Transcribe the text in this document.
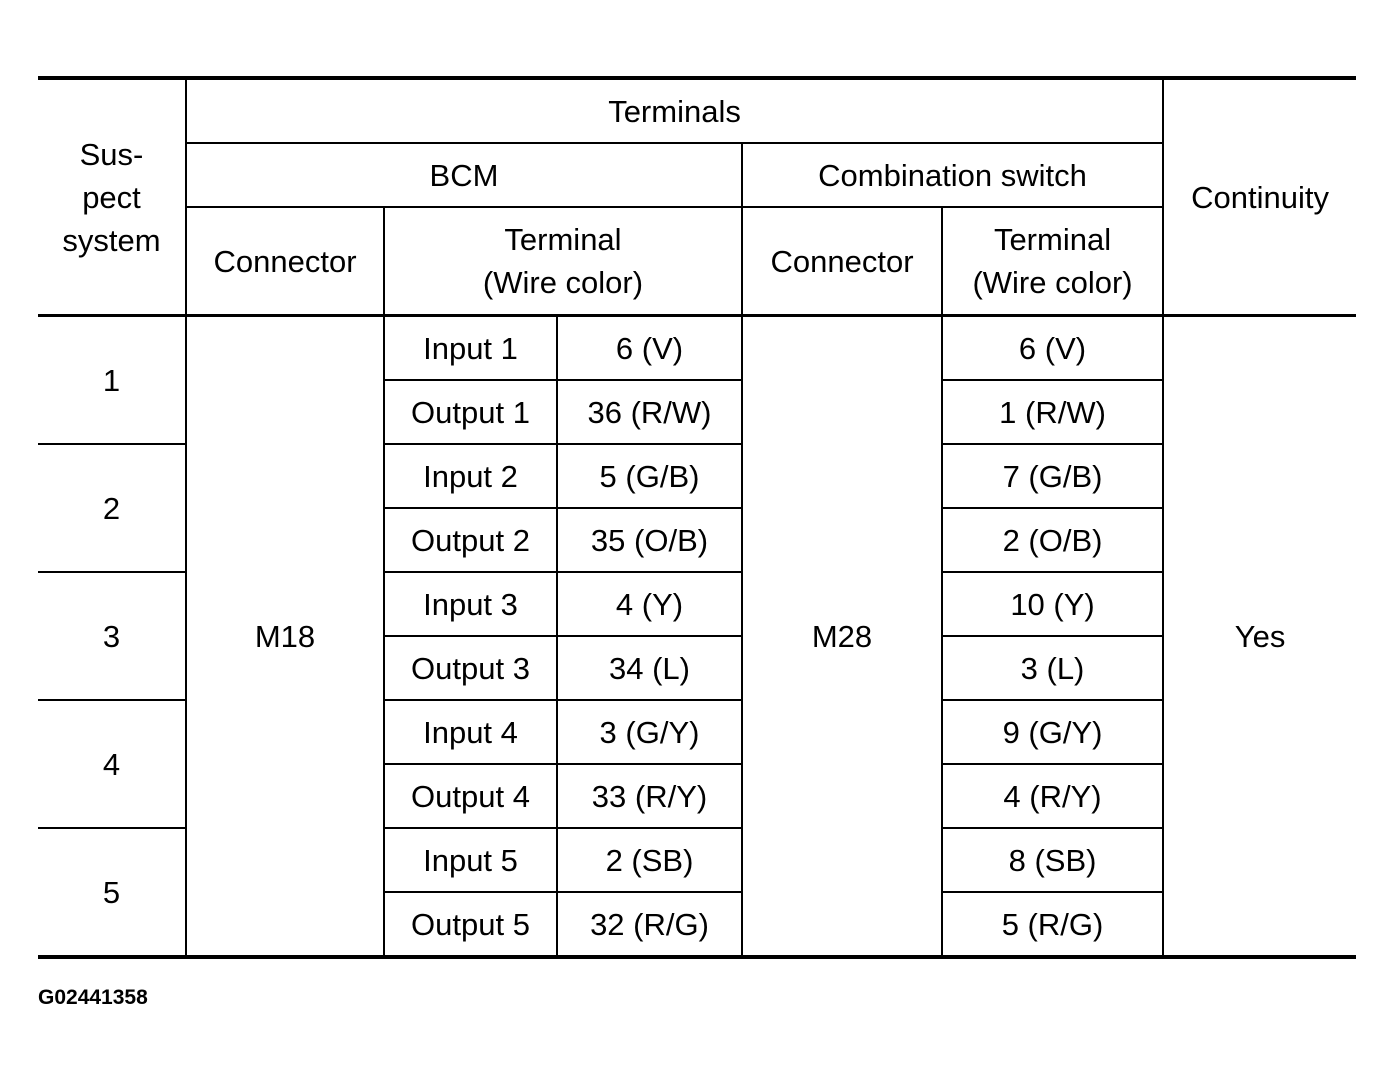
Sus-
pect
system	Terminals					Continuity
	BCM			Combination switch		
	Connector	Terminal
(Wire color)		Connector	Terminal
(Wire color)	

1	M18	Input 1	6 (V)	M28	6 (V)	Yes
		Output 1	36 (R/W)		1 (R/W)	
2		Input 2	5 (G/B)		7 (G/B)	
		Output 2	35 (O/B)		2 (O/B)	
3		Input 3	4 (Y)		10 (Y)	
		Output 3	34 (L)		3 (L)	
4		Input 4	3 (G/Y)		9 (G/Y)	
		Output 4	33 (R/Y)		4 (R/Y)	
5		Input 5	2 (SB)		8 (SB)	
		Output 5	32 (R/G)		5 (R/G)	
G02441358
